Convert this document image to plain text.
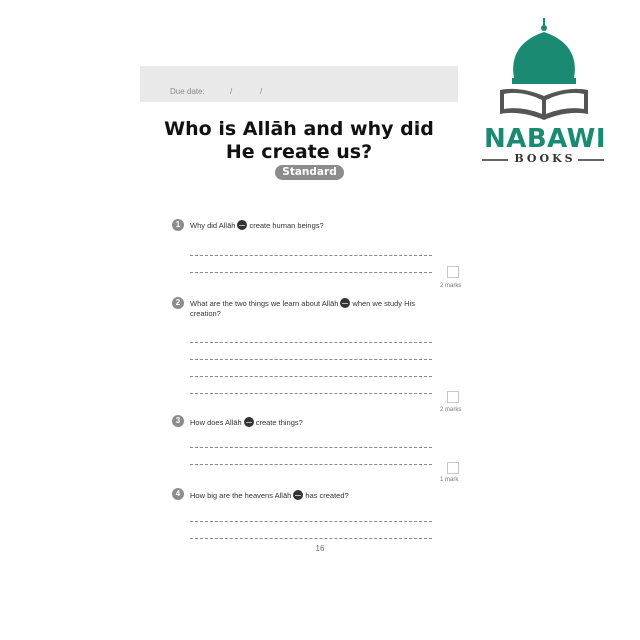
Due date:	/	/
Who is Allāh and why did
He create us?
Standard
1	Why did Allāh create human beings?
2 marks
2	What are the two things we learn about Allāh when we study His creation?
2 marks
3	How does Allāh create things?
1 mark
4	How big are the heavens Allāh has created?
16
NABAWI
BOOKS
